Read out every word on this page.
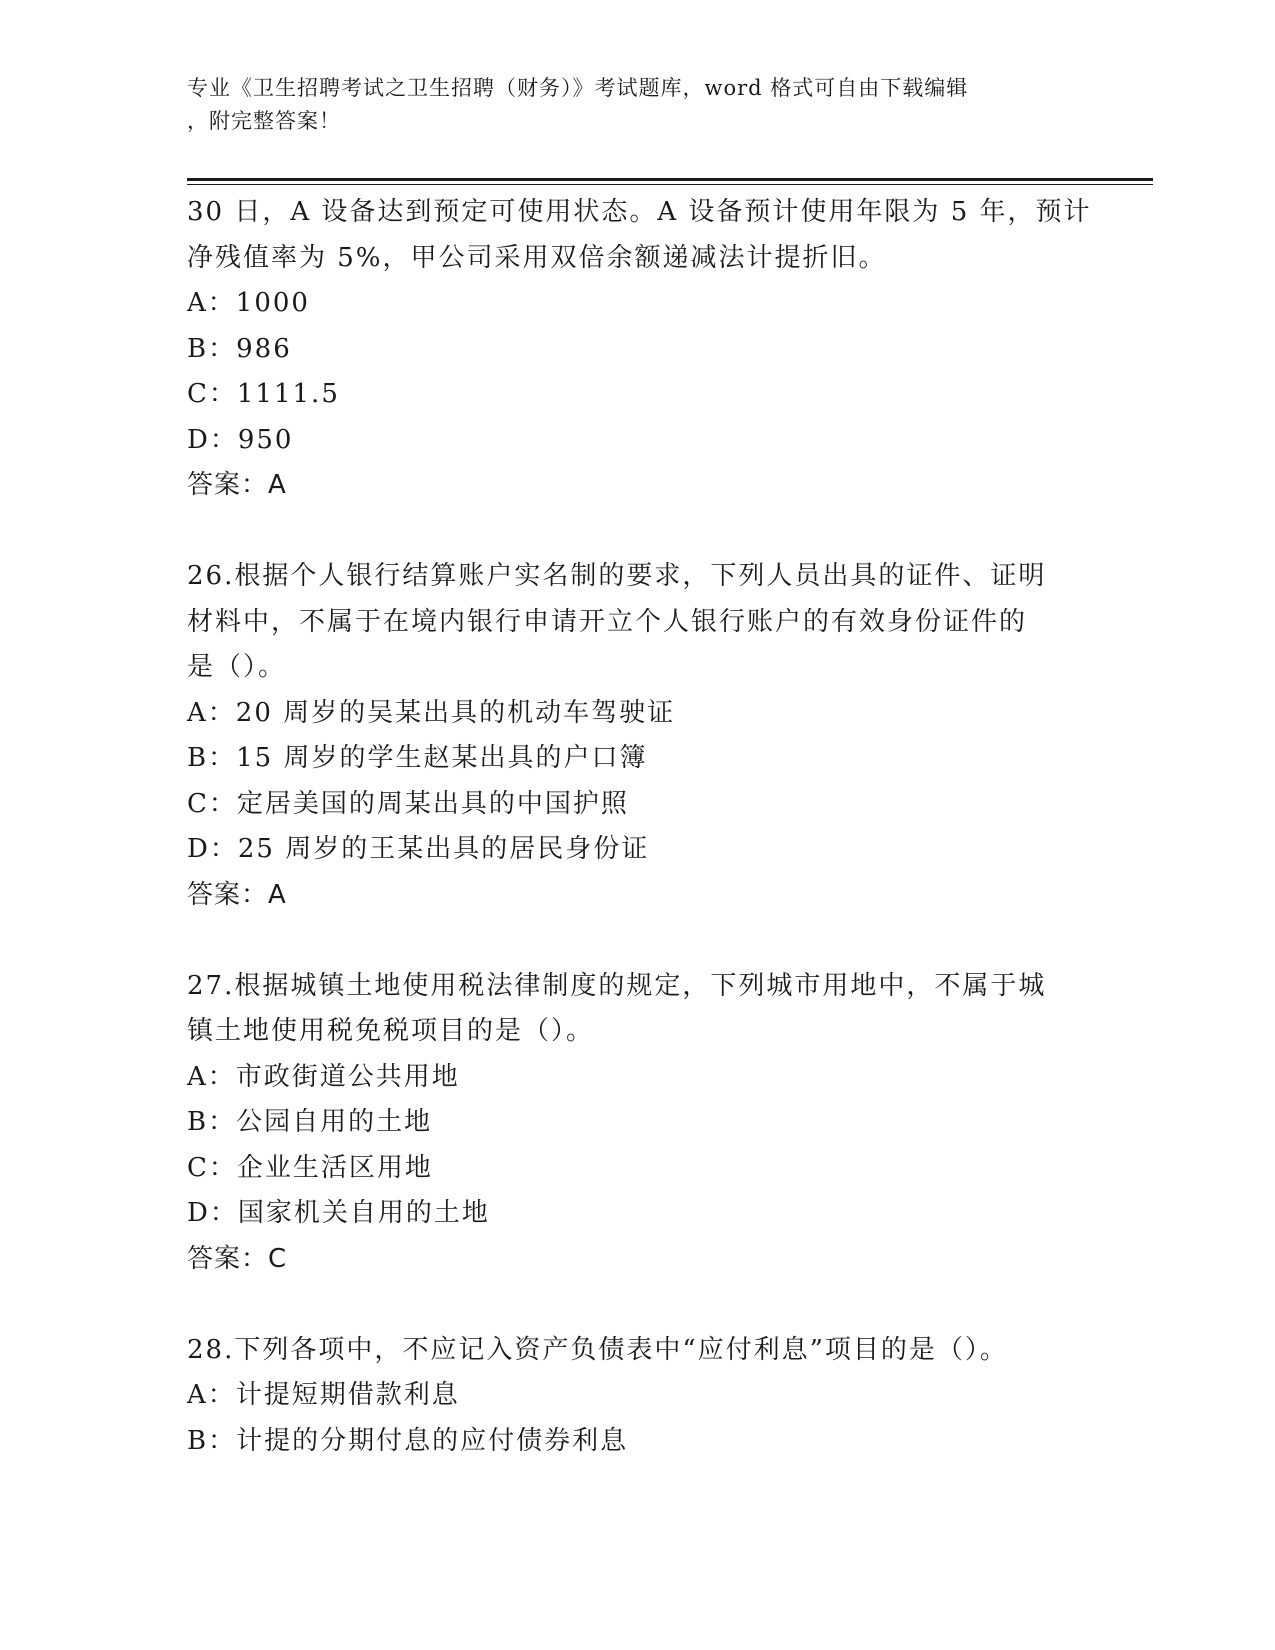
专业《卫生招聘考试之卫生招聘（财务）》考试题库，word 格式可自由下载编辑
，附完整答案！
30 日，A 设备达到预定可使用状态。A 设备预计使用年限为 5 年，预计
净残值率为 5%，甲公司采用双倍余额递减法计提折旧。
A：1000
B：986
C：1111.5
D：950
答案：A
26.根据个人银行结算账户实名制的要求，下列人员出具的证件、证明
材料中，不属于在境内银行申请开立个人银行账户的有效身份证件的
是（）。
A：20 周岁的吴某出具的机动车驾驶证
B：15 周岁的学生赵某出具的户口簿
C：定居美国的周某出具的中国护照
D：25 周岁的王某出具的居民身份证
答案：A
27.根据城镇土地使用税法律制度的规定，下列城市用地中，不属于城
镇土地使用税免税项目的是（）。
A：市政街道公共用地
B：公园自用的土地
C：企业生活区用地
D：国家机关自用的土地
答案：C
28.下列各项中，不应记入资产负债表中“应付利息”项目的是（）。
A：计提短期借款利息
B：计提的分期付息的应付债券利息
